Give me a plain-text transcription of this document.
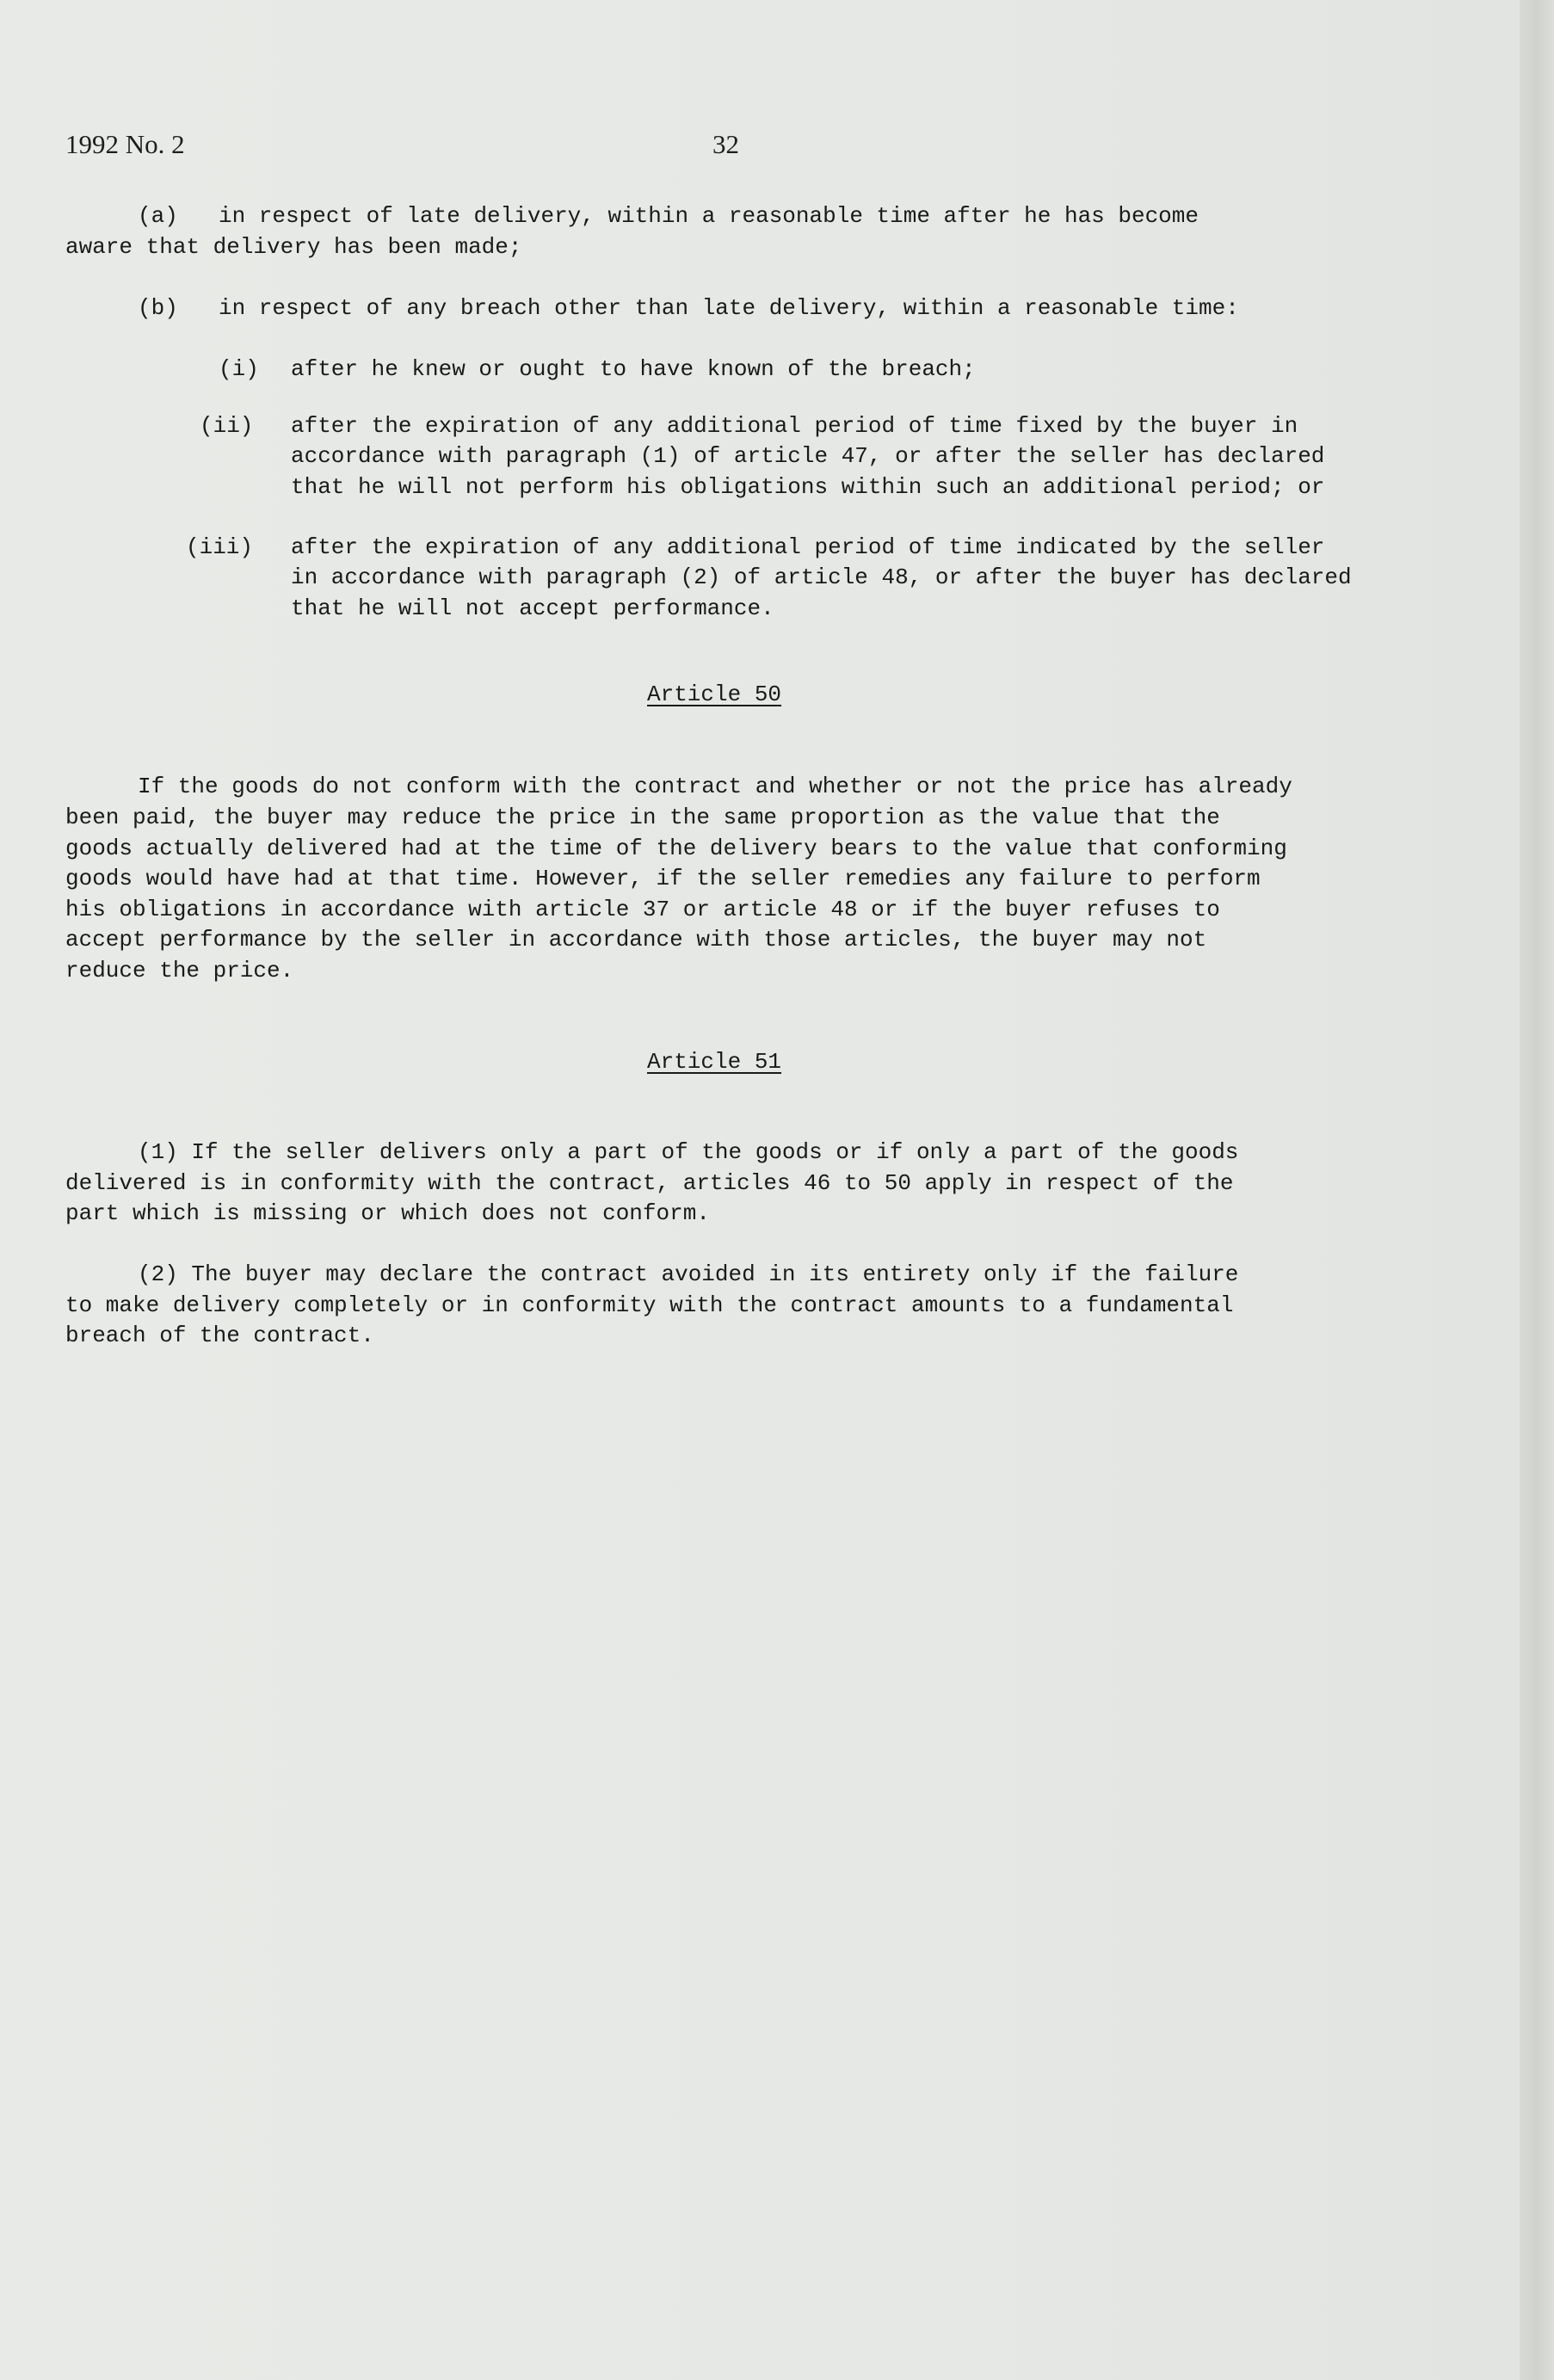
1992 No. 2	32

(a) in respect of late delivery, within a reasonable time after he has become

aware that delivery has been made;

(b) in respect of any breach other than late delivery, within a reasonable time:

(i) after he knew or ought to have known of the breach;

(ii) after the expiration of any additional period of time fixed by the buyer in

accordance with paragraph (1) of article 47, or after the seller has declared

that he will not perform his obligations within such an additional period; or

(iii) after the expiration of any additional period of time indicated by the seller

in accordance with paragraph (2) of article 48, or after the buyer has declared

that he will not accept performance.

Article 50

If the goods do not conform with the contract and whether or not the price has already

been paid, the buyer may reduce the price in the same proportion as the value that the

goods actually delivered had at the time of the delivery bears to the value that conforming

goods would have had at that time. However, if the seller remedies any failure to perform

his obligations in accordance with article 37 or article 48 or if the buyer refuses to

accept performance by the seller in accordance with those articles, the buyer may not

reduce the price.

Article 51

(1) If the seller delivers only a part of the goods or if only a part of the goods

delivered is in conformity with the contract, articles 46 to 50 apply in respect of the

part which is missing or which does not conform.

(2) The buyer may declare the contract avoided in its entirety only if the failure

to make delivery completely or in conformity with the contract amounts to a fundamental

breach of the contract.
